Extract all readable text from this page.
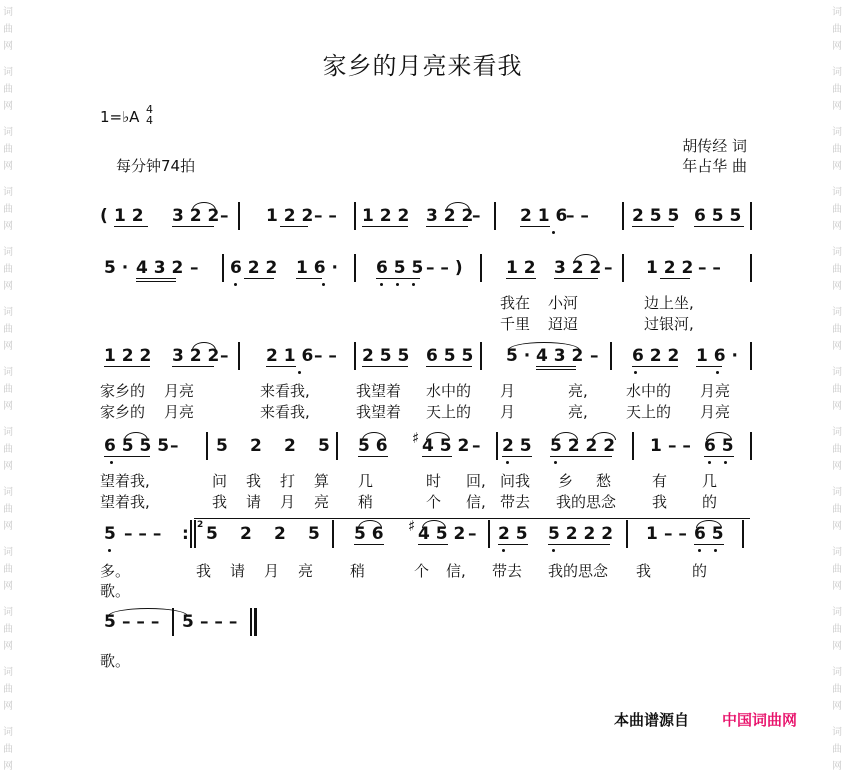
词曲网
词曲网
词曲网
词曲网
词曲网
词曲网
词曲网
词曲网
词曲网
词曲网
词曲网
词曲网
词曲网
词曲网
词曲网
词曲网
词曲网
词曲网
词曲网
词曲网
词曲网
词曲网
词曲网
词曲网
词曲网
词曲网
家乡的月亮来看我
1=♭A 4
4
每分钟74拍
胡传经 词
年占华 曲
( 1 2 3 2 2 – 1 2 2 – – 1 2 2 3 2 2
– 2 1 6
– –	2 5 5 6 5 5
5 · 4 3 2 – 6 2 2 1 6 · 6 5 5 – – )	1 2 3 2 2 – 1 2 2 – –
我在 小河	边上坐,
千里 迢迢	过银河,
1 2 2 3 2 2 – 2 1 6 – – 2 5 5 6 5 5 5 · 4 3 2 – 6 2 2 1 6 ·
家乡的 月亮	来看我,	我望着 水中的 月	亮,	水中的 月亮
家乡的 月亮	来看我,	我望着 天上的 月	亮,	天上的 月亮
6 5 5 5 – 5 2 2 5 5 6 ♯ 4 5 2 – 2 5 5 2 2 2 1 – – 6 5
望着我,	问 我 打 算 几	时 回, 问我 乡 愁	有 几
望着我,	我 请 月 亮 稍	个 信, 带去 我的思念 我 的
5 – – – : 2 5 2 2 5 5 6 ♯ 4 5 2 – 2 5 5 2 2 2 1 – – 6 5
多。	我 请 月 亮 稍	个 信, 带去 我的思念 我	的
歌。
5 – – – 5 – – –
歌。
本曲谱源自 中国词曲网
